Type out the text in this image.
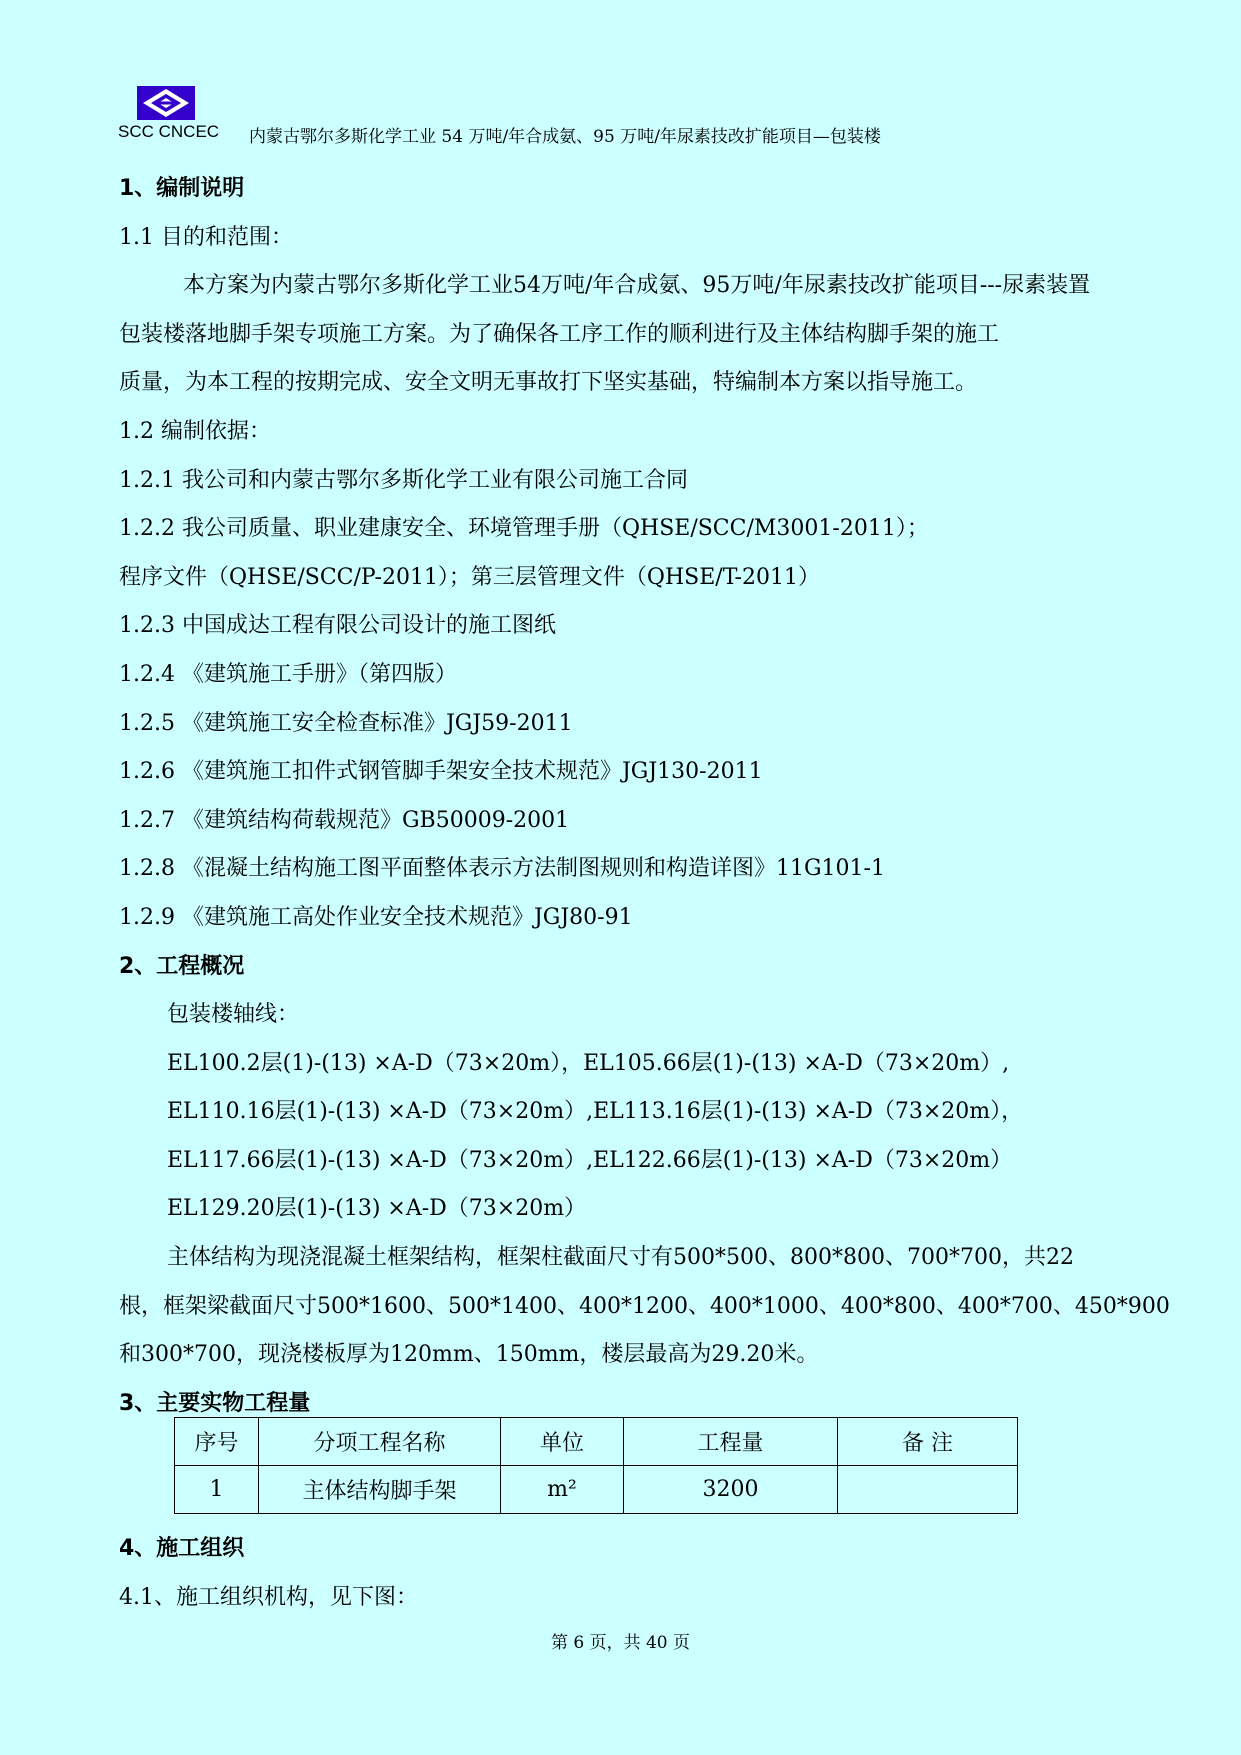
SCC CNCEC 内蒙古鄂尔多斯化学工业 54 万吨/年合成氨、95 万吨/年尿素技改扩能项目—包装楼
1、编制说明
1.1 目的和范围：
本方案为内蒙古鄂尔多斯化学工业54万吨/年合成氨、95万吨/年尿素技改扩能项目---尿素装置
包装楼落地脚手架专项施工方案。为了确保各工序工作的顺利进行及主体结构脚手架的施工
质量，为本工程的按期完成、安全文明无事故打下坚实基础，特编制本方案以指导施工。
1.2 编制依据：
1.2.1 我公司和内蒙古鄂尔多斯化学工业有限公司施工合同
1.2.2 我公司质量、职业建康安全、环境管理手册（QHSE/SCC/M3001-2011）；
程序文件（QHSE/SCC/P-2011）；第三层管理文件（QHSE/T-2011）
1.2.3 中国成达工程有限公司设计的施工图纸
1.2.4 《建筑施工手册》（第四版）
1.2.5 《建筑施工安全检查标准》JGJ59-2011
1.2.6 《建筑施工扣件式钢管脚手架安全技术规范》JGJ130-2011
1.2.7 《建筑结构荷载规范》GB50009-2001
1.2.8 《混凝土结构施工图平面整体表示方法制图规则和构造详图》11G101-1
1.2.9 《建筑施工高处作业安全技术规范》JGJ80-91
2、工程概况
包装楼轴线：
EL100.2层(1)-(13) ×A-D（73×20m），EL105.66层(1)-(13) ×A-D（73×20m）,
EL110.16层(1)-(13) ×A-D（73×20m）,EL113.16层(1)-(13) ×A-D（73×20m），
EL117.66层(1)-(13) ×A-D（73×20m）,EL122.66层(1)-(13) ×A-D（73×20m）
EL129.20层(1)-(13) ×A-D（73×20m）
主体结构为现浇混凝土框架结构，框架柱截面尺寸有500*500、800*800、700*700，共22
根，框架梁截面尺寸500*1600、500*1400、400*1200、400*1000、400*800、400*700、450*900
和300*700，现浇楼板厚为120mm、150mm，楼层最高为29.20米。
3、主要实物工程量
4、施工组织
4.1、施工组织机构，见下图：
序号	分项工程名称	单位	工程量	备 注
1	主体结构脚手架	m²	3200	
第 6 页，共 40 页
